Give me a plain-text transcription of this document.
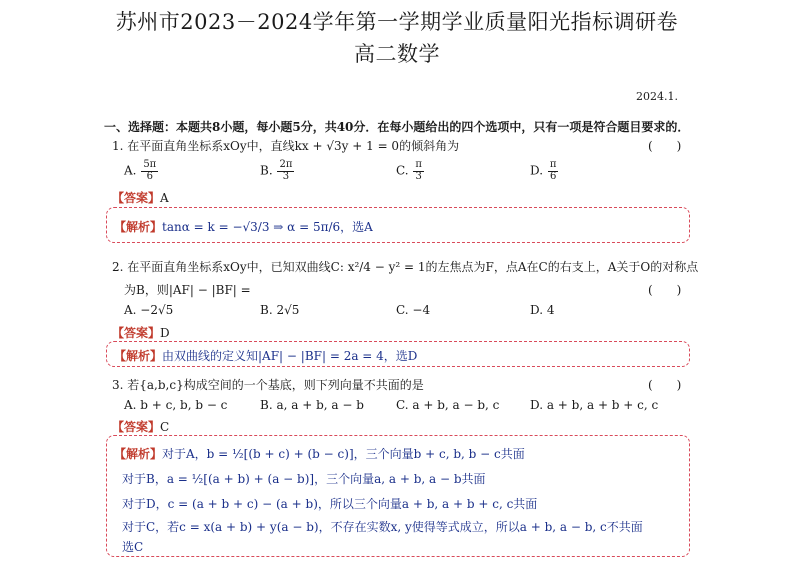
苏州市2023－2024学年第一学期学业质量阳光指标调研卷
高二数学
2024.1.
一、选择题：本题共8小题，每小题5分，共40分．在每小题给出的四个选项中，只有一项是符合题目要求的．
1. 在平面直角坐标系xOy中，直线kx + √3y + 1 = 0的倾斜角为	(　　)
A. $\frac{5\pi}{6}$	B. $\frac{2\pi}{3}$	C. $\frac{\pi}{3}$	D. $\frac{\pi}{6}$
【答案】A
【解析】tanα = k = −√3/3 ⇒ α = 5π/6，选A
2. 在平面直角坐标系xOy中，已知双曲线C: x²/4 − y² = 1的左焦点为F，点A在C的右支上，A关于O的对称点
为B，则|AF| − |BF| =	(　　)
A. −2√5	B. 2√5	C. −4	D. 4
【答案】D
【解析】由双曲线的定义知|AF| − |BF| = 2a = 4，选D
3. 若{a,b,c}构成空间的一个基底，则下列向量不共面的是	(　　)
A. b + c, b, b − c	B. a, a + b, a − b	C. a + b, a − b, c	D. a + b, a + b + c, c
【答案】C
【解析】对于A，b = ½[(b + c) + (b − c)]，三个向量b + c, b, b − c共面
对于B，a = ½[(a + b) + (a − b)]，三个向量a, a + b, a − b共面
对于D，c = (a + b + c) − (a + b)，所以三个向量a + b, a + b + c, c共面
对于C，若c = x(a + b) + y(a − b)，不存在实数x, y使得等式成立，所以a + b, a − b, c不共面
选C
